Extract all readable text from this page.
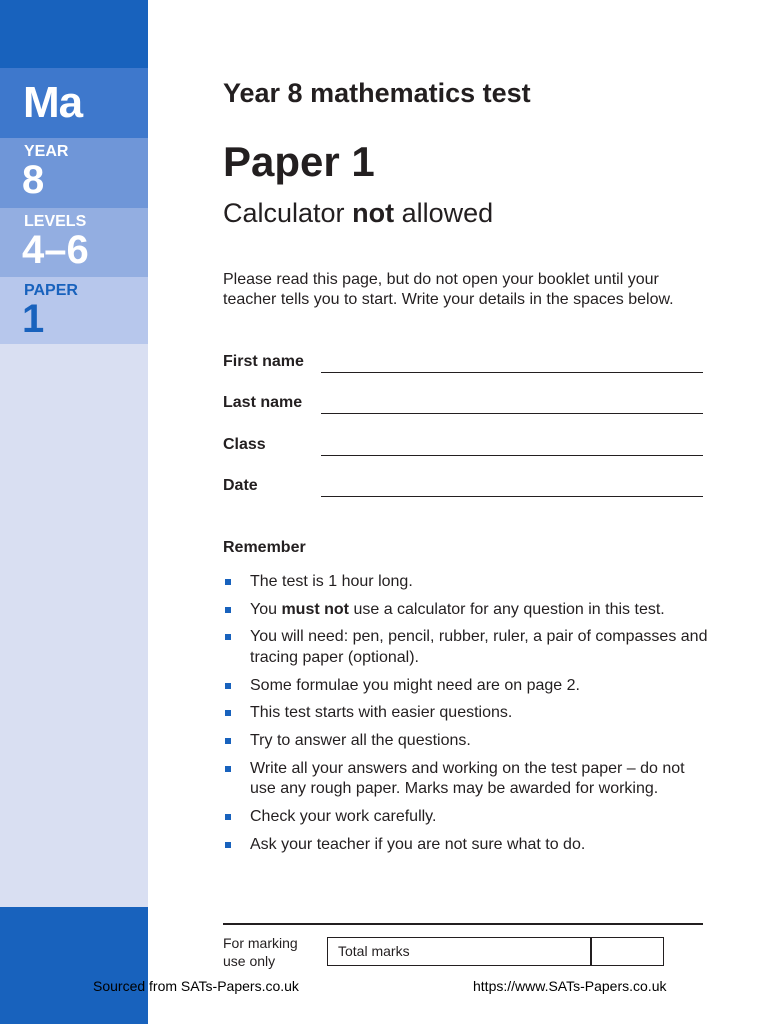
Ma
YEAR
8
LEVELS
4–6
PAPER
1
Year 8 mathematics test
Paper 1
Calculator not allowed

Please read this page, but do not open your booklet until your teacher tells you to start. Write your details in the spaces below.

First name
Last name
Class
Date
Remember
The test is 1 hour long.
You must not use a calculator for any question in this test.
You will need: pen, pencil, rubber, ruler, a pair of compasses and tracing paper (optional).
Some formulae you might need are on page 2.
This test starts with easier questions.
Try to answer all the questions.
Write all your answers and working on the test paper – do not use any rough paper. Marks may be awarded for working.
Check your work carefully.
Ask your teacher if you are not sure what to do.
For marking use only
Total marks
Sourced from SATs-Papers.co.uk	https://www.SATs-Papers.co.uk
